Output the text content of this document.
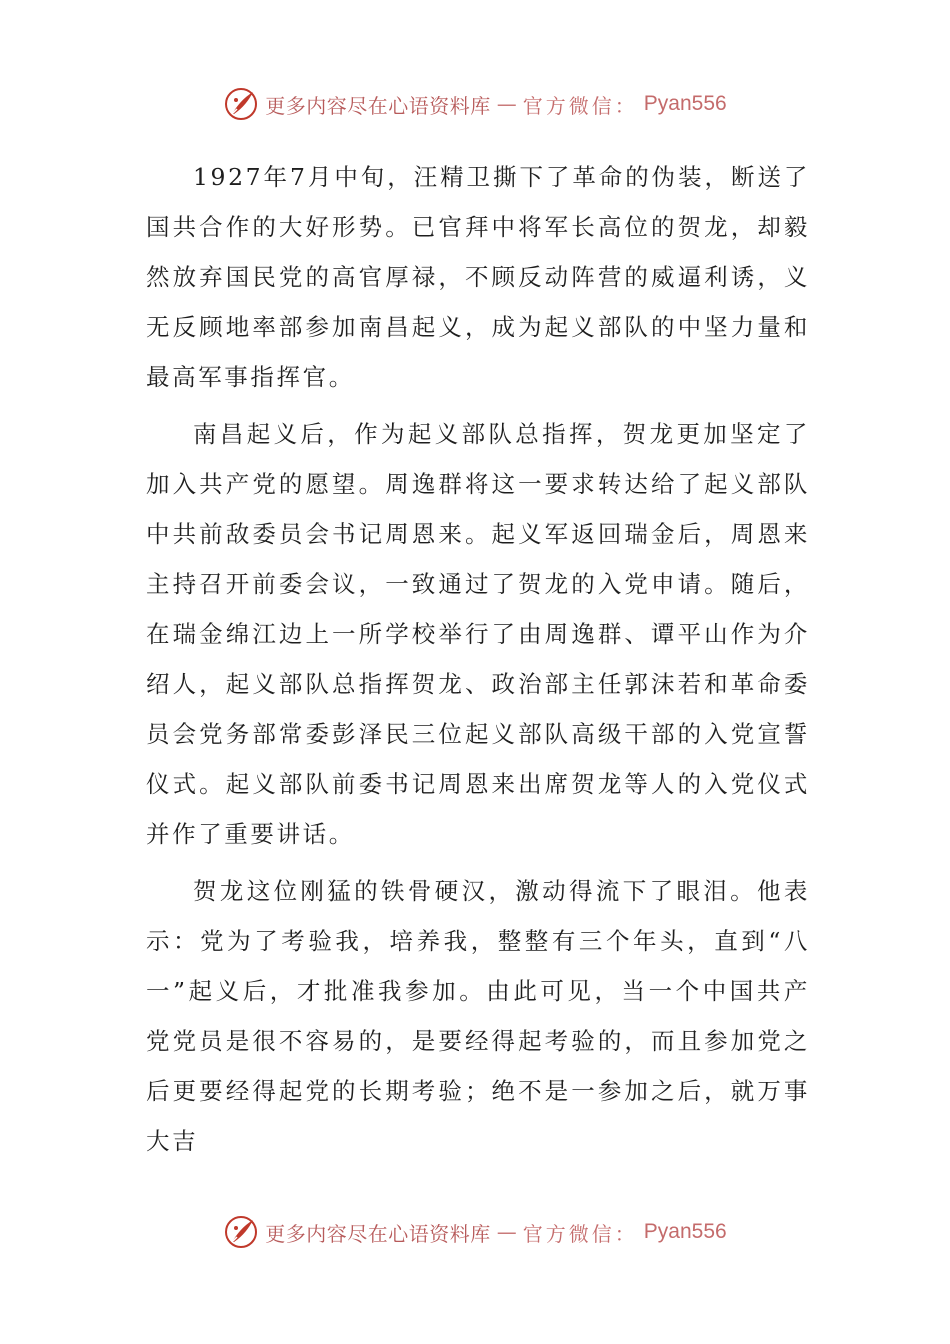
更多内容尽在心语资料库 — 官方微信： Pyan556

1927年7月中旬，汪精卫撕下了革命的伪装，断送了国共合作的大好形势。已官拜中将军长高位的贺龙，却毅然放弃国民党的高官厚禄，不顾反动阵营的威逼利诱，义无反顾地率部参加南昌起义，成为起义部队的中坚力量和最高军事指挥官。

南昌起义后，作为起义部队总指挥，贺龙更加坚定了加入共产党的愿望。周逸群将这一要求转达给了起义部队中共前敌委员会书记周恩来。起义军返回瑞金后，周恩来主持召开前委会议，一致通过了贺龙的入党申请。随后，在瑞金绵江边上一所学校举行了由周逸群、谭平山作为介绍人，起义部队总指挥贺龙、政治部主任郭沫若和革命委员会党务部常委彭泽民三位起义部队高级干部的入党宣誓仪式。起义部队前委书记周恩来出席贺龙等人的入党仪式并作了重要讲话。

贺龙这位刚猛的铁骨硬汉，激动得流下了眼泪。他表示：党为了考验我，培养我，整整有三个年头，直到“八一”起义后，才批准我参加。由此可见，当一个中国共产党党员是很不容易的，是要经得起考验的，而且参加党之后更要经得起党的长期考验；绝不是一参加之后，就万事大吉

更多内容尽在心语资料库 — 官方微信： Pyan556
